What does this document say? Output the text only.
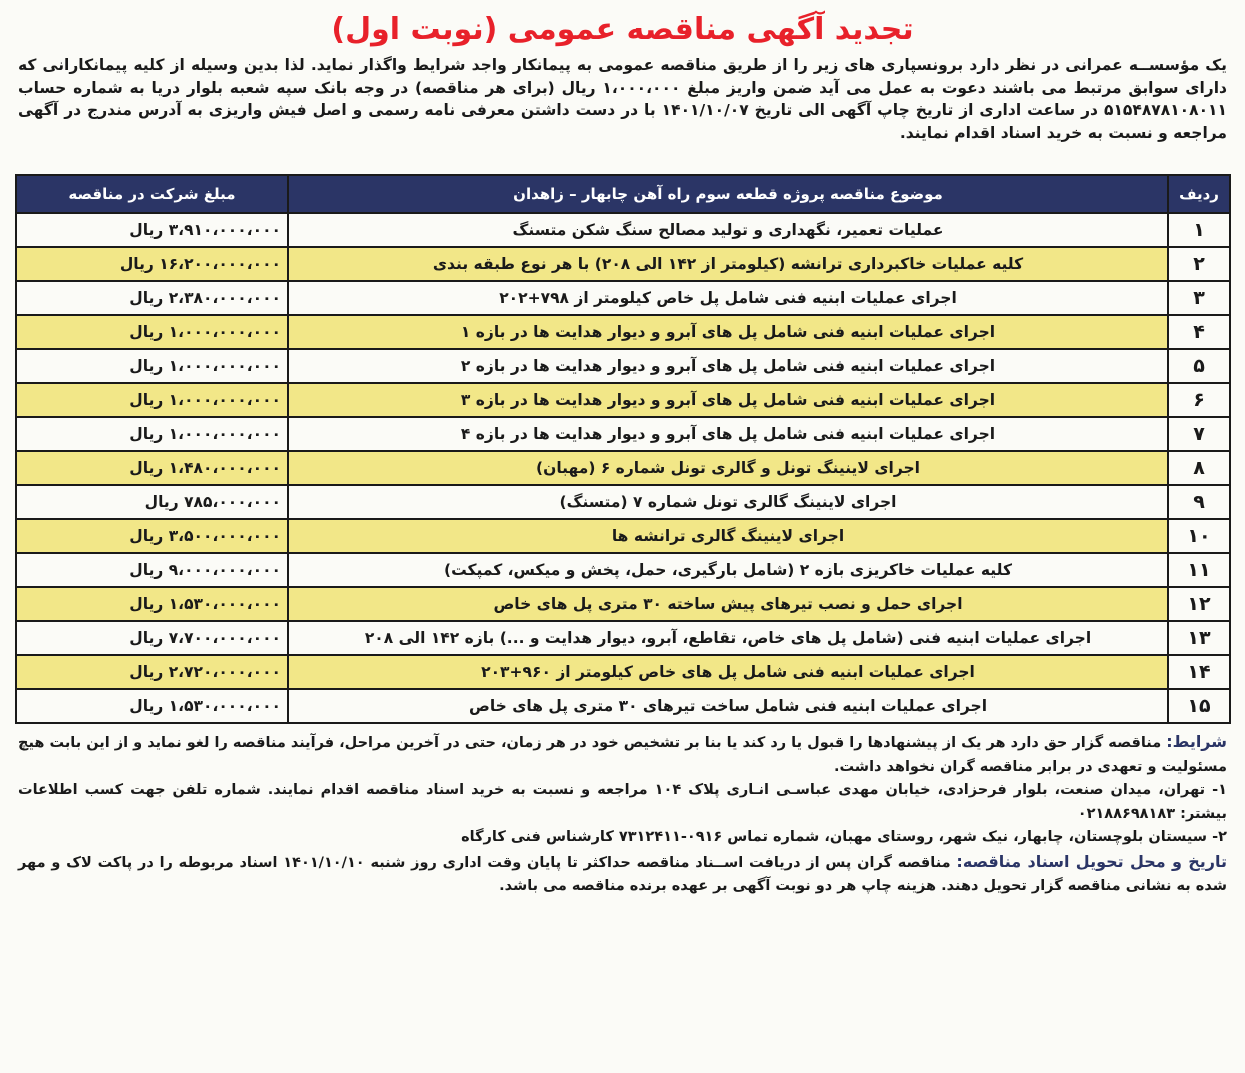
تجدید آگهی مناقصه عمومی (نوبت اول)

یک مؤسســه عمرانی در نظر دارد برونسپاری های زیر را از طریق مناقصه عمومی به پیمانکار واجد شرایط واگذار نماید. لذا بدین وسیله از کلیه پیمانکارانی که دارای سوابق مرتبط می باشند دعوت به عمل می آید ضمن واریز مبلغ ۱،۰۰۰،۰۰۰ ریال (برای هر مناقصه) در وجه بانک سپه شعبه بلوار دریا به شماره حساب ۵۱۵۴۸۷۸۱۰۸۰۱۱ در ساعت اداری از تاریخ چاپ آگهی الی تاریخ ۱۴۰۱/۱۰/۰۷ با در دست داشتن معرفی نامه رسمی و اصل فیش واریزی به آدرس مندرج در آگهی مراجعه و نسبت به خرید اسناد اقدام نمایند.

ردیف	موضوع مناقصه پروژه قطعه سوم راه آهن چابهار – زاهدان	مبلغ شرکت در مناقصه
۱	عملیات تعمیر، نگهداری و تولید مصالح سنگ شکن متسنگ	۳،۹۱۰،۰۰۰،۰۰۰ ریال
۲	کلیه عملیات خاکبرداری ترانشه (کیلومتر از ۱۴۲ الی ۲۰۸) با هر نوع طبقه بندی	۱۶،۲۰۰،۰۰۰،۰۰۰ ریال
۳	اجرای عملیات ابنیه فنی شامل پل خاص کیلومتر از ۷۹۸+۲۰۲	۲،۳۸۰،۰۰۰،۰۰۰ ریال
۴	اجرای عملیات ابنیه فنی شامل پل های آبرو و دیوار هدایت ها در بازه ۱	۱،۰۰۰،۰۰۰،۰۰۰ ریال
۵	اجرای عملیات ابنیه فنی شامل پل های آبرو و دیوار هدایت ها در بازه ۲	۱،۰۰۰،۰۰۰،۰۰۰ ریال
۶	اجرای عملیات ابنیه فنی شامل پل های آبرو و دیوار هدایت ها در بازه ۳	۱،۰۰۰،۰۰۰،۰۰۰ ریال
۷	اجرای عملیات ابنیه فنی شامل پل های آبرو و دیوار هدایت ها در بازه ۴	۱،۰۰۰،۰۰۰،۰۰۰ ریال
۸	اجرای لاینینگ تونل و گالری تونل شماره ۶ (مهبان)	۱،۴۸۰،۰۰۰،۰۰۰ ریال
۹	اجرای لاینینگ گالری تونل شماره ۷ (متسنگ)	۷۸۵،۰۰۰،۰۰۰ ریال
۱۰	اجرای لاینینگ گالری ترانشه ها	۳،۵۰۰،۰۰۰،۰۰۰ ریال
۱۱	کلیه عملیات خاکریزی بازه ۲ (شامل بارگیری، حمل، پخش و میکس، کمپکت)	۹،۰۰۰،۰۰۰،۰۰۰ ریال
۱۲	اجرای حمل و نصب تیرهای پیش ساخته ۳۰ متری پل های خاص	۱،۵۳۰،۰۰۰،۰۰۰ ریال
۱۳	اجرای عملیات ابنیه فنی (شامل پل های خاص، تقاطع، آبرو، دیوار هدایت و ...) بازه ۱۴۲ الی ۲۰۸	۷،۷۰۰،۰۰۰،۰۰۰ ریال
۱۴	اجرای عملیات ابنیه فنی شامل پل های خاص کیلومتر از ۹۶۰+۲۰۳	۲،۷۲۰،۰۰۰،۰۰۰ ریال
۱۵	اجرای عملیات ابنیه فنی شامل ساخت تیرهای ۳۰ متری پل های خاص	۱،۵۳۰،۰۰۰،۰۰۰ ریال

شرایط: مناقصه گزار حق دارد هر یک از پیشنهادها را قبول یا رد کند یا بنا بر تشخیص خود در هر زمان، حتی در آخرین مراحل، فرآیند مناقصه را لغو نماید و از این بابت هیچ مسئولیت و تعهدی در برابر مناقصه گران نخواهد داشت.

۱- تهران، میدان صنعت، بلوار فرحزادی، خیابان مهدی عباسـی انـاری پلاک ۱۰۴ مراجعه و نسبت به خرید اسناد مناقصه اقدام نمایند. شماره تلفن جهت کسب اطلاعات بیشتر: ۰۲۱۸۸۶۹۸۱۸۳

۲- سیستان بلوچستان، چابهار، نیک شهر، روستای مهبان، شماره تماس ۰۹۱۶-۷۳۱۲۴۱۱ کارشناس فنی کارگاه

تاریخ و محل تحویل اسناد مناقصه: مناقصه گران پس از دریافت اســناد مناقصه حداکثر تا پایان وقت اداری روز شنبه ۱۴۰۱/۱۰/۱۰ اسناد مربوطه را در پاکت لاک و مهر شده به نشانی مناقصه گزار تحویل دهند. هزینه چاپ هر دو نوبت آگهی بر عهده برنده مناقصه می باشد.
